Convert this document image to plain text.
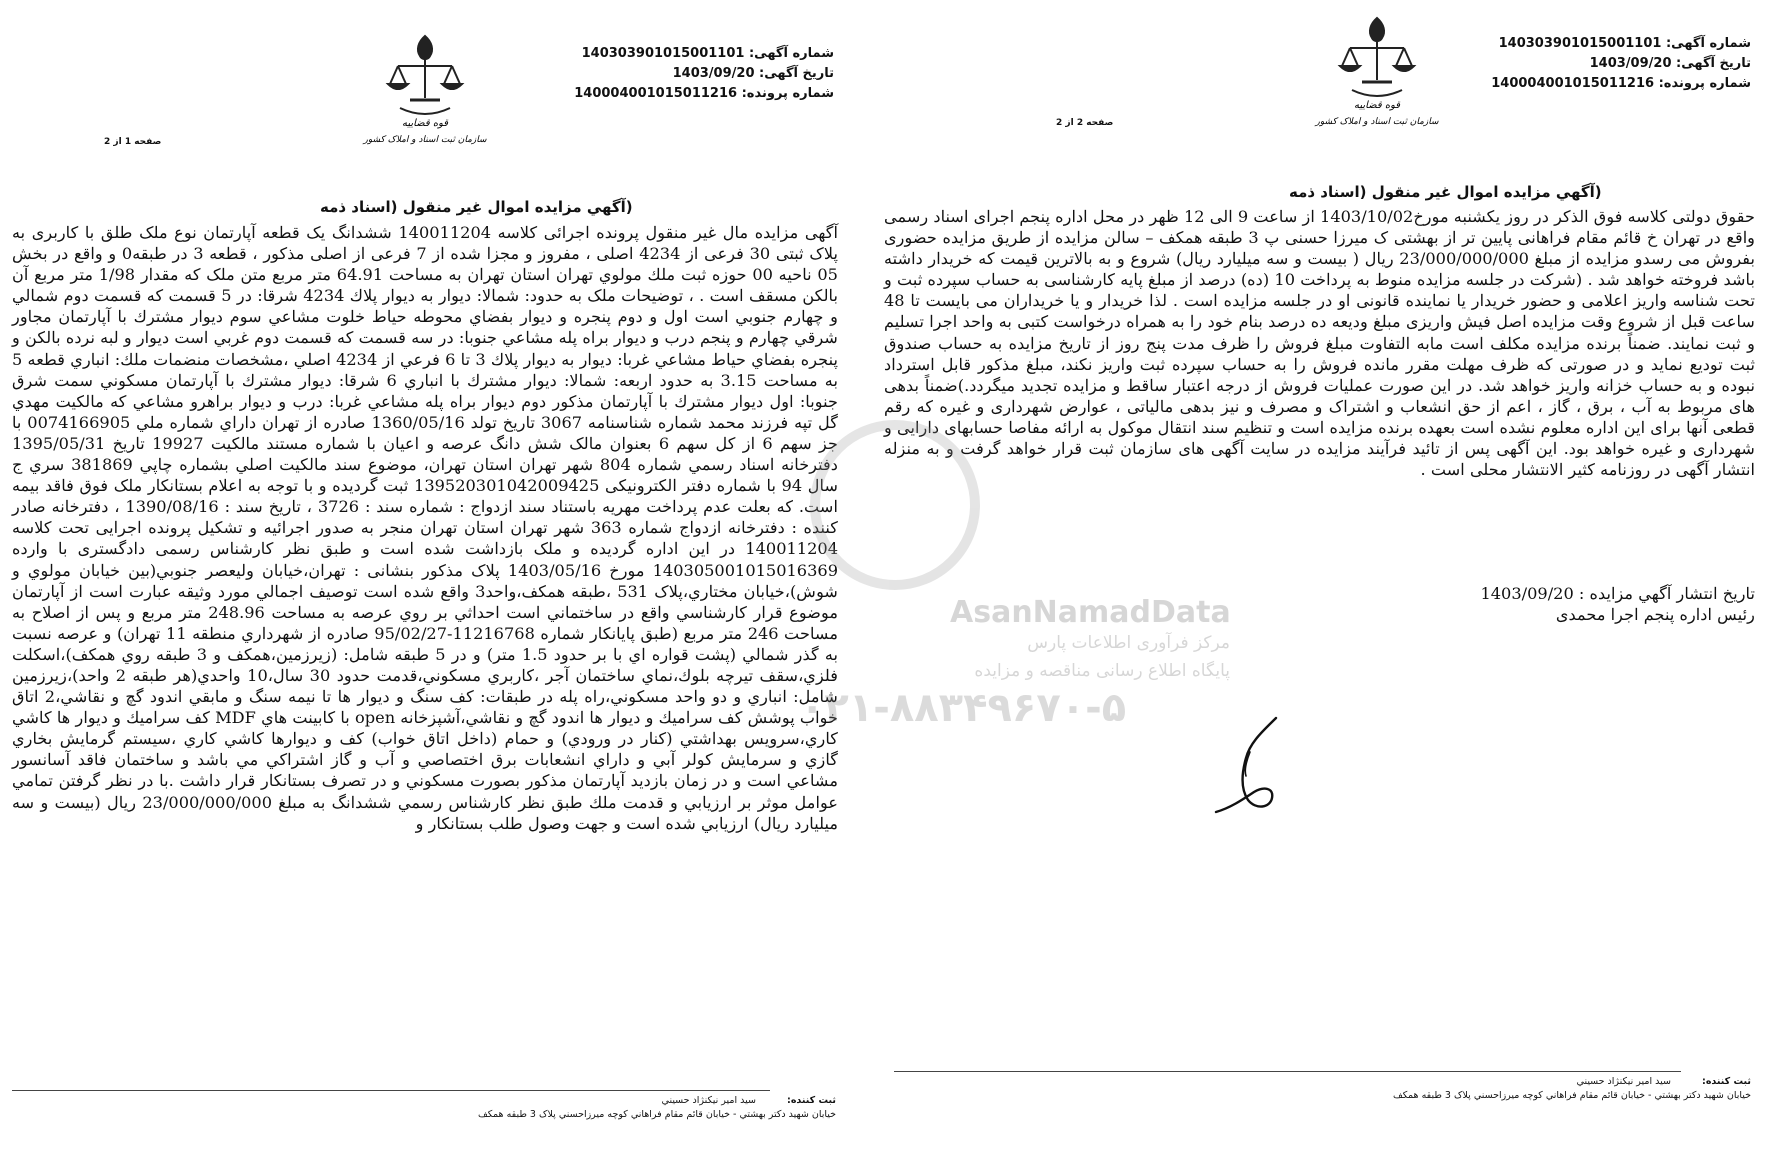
شماره آگهی: 140303901015001101
تاریخ آگهی: 1403/09/20
شماره پرونده: 140004001015011216
قوه قضاییه
سازمان ثبت اسناد و املاک کشور
صفحه 1 از 2
(آگهي مزايده اموال غير منقول (اسناد ذمه

آگهی مزایده مال غیر منقول پرونده اجرائی کلاسه 140011204 ششدانگ یک قطعه آپارتمان نوع ملک طلق با کاربری به پلاک ثبتی 30 فرعی از 4234 اصلی ، مفروز و مجزا شده از 7 فرعی از اصلی مذکور ، قطعه 3 در طبقه0 و واقع در بخش 05 ناحیه 00 حوزه ثبت ملك مولوي تهران استان تهران به مساحت 64.91 متر مربع متن ملک که مقدار 1/98 متر مربع آن بالکن مسقف است . ، توضیحات ملک به حدود: شمالا: ديوار به ديوار پلاك 4234 شرقا: در 5 قسمت كه قسمت دوم شمالي و چهارم جنوبي است اول و دوم پنجره و ديوار بفضاي محوطه حياط خلوت مشاعي سوم ديوار مشترك با آپارتمان مجاور شرقي چهارم و پنجم درب و ديوار براه پله مشاعي جنوبا: در سه قسمت كه قسمت دوم غربي است ديوار و لبه نرده بالكن و پنجره بفضاي حياط مشاعي غربا: ديوار به ديوار پلاك 3 تا 6 فرعي از 4234 اصلي ،مشخصات منضمات ملك: انباري قطعه 5 به مساحت 3.15 به حدود اربعه: شمالا: ديوار مشترك با انباري 6 شرقا: ديوار مشترك با آپارتمان مسكوني سمت شرق جنوبا: اول ديوار مشترك با آپارتمان مذكور دوم ديوار براه پله مشاعي غربا: درب و ديوار براهرو مشاعي كه مالكيت مهدي گل تپه فرزند محمد شماره شناسنامه 3067 تاريخ تولد 1360/05/16 صادره از تهران داراي شماره ملي 0074166905 با جز سهم 6 از کل سهم 6 بعنوان مالک شش دانگ عرصه و اعيان با شماره مستند مالكيت 19927 تاریخ 1395/05/31 دفترخانه اسناد رسمي شماره 804 شهر تهران استان تهران، موضوع سند مالكيت اصلي بشماره چاپي 381869 سري ج سال 94 با شماره دفتر الکترونیکی 139520301042009425 ثبت گرديده و با توجه به اعلام بستانكار ملک فوق فاقد بیمه است. که بعلت عدم پرداخت مهریه باستناد سند ازدواج : شماره سند : 3726 ، تاریخ سند : 1390/08/16 ، دفترخانه صادر کننده : دفترخانه ازدواج شماره 363 شهر تهران استان تهران منجر به صدور اجرائیه و تشکیل پرونده اجرایی تحت کلاسه 140011204 در این اداره گردیده و ملک بازداشت شده است و طبق نظر کارشناس رسمی دادگستری با وارده 140305001015016369 مورخ 1403/05/16 پلاک مذکور بنشانی : تهران،خيابان وليعصر جنوبي(بين خيابان مولوي و شوش)،خيابان مختاري،پلاک 531 ،طبقه همكف،واحد3 واقع شده است توصيف اجمالي مورد وثيقه عبارت است از آپارتمان موضوع قرار كارشناسي واقع در ساختماني است احداثي بر روي عرصه به مساحت 248.96 متر مربع و پس از اصلاح به مساحت 246 متر مربع (طبق پايانكار شماره 11216768-95/02/27 صادره از شهرداري منطقه 11 تهران) و عرصه نسبت به گذر شمالي (پشت قواره اي با بر حدود 1.5 متر) و در 5 طبقه شامل: (زيرزمين،همكف و 3 طبقه روي همكف)،اسكلت فلزي،سقف تيرچه بلوك،نماي ساختمان آجر ،كاربري مسكوني،قدمت حدود 30 سال،10 واحدي(هر طبقه 2 واحد)،زيرزمين شامل: انباري و دو واحد مسكوني،راه پله در طبقات: كف سنگ و ديوار ها تا نيمه سنگ و مابقي اندود گچ و نقاشي،2 اتاق خواب پوشش كف سراميك و ديوار ها اندود گچ و نقاشي،آشپزخانه open با كابينت هاي MDF كف سراميك و ديوار ها كاشي كاري،سرويس بهداشتي (كنار در ورودي) و حمام (داخل اتاق خواب) كف و ديوارها كاشي كاري ،سيستم گرمايش بخاري گازي و سرمايش كولر آبي و داراي انشعابات برق اختصاصي و آب و گاز اشتراكي مي باشد و ساختمان فاقد آسانسور مشاعي است و در زمان بازديد آپارتمان مذكور بصورت مسكوني و در تصرف بستانكار قرار داشت .با در نظر گرفتن تمامي عوامل موثر بر ارزيابي و قدمت ملك طبق نظر كارشناس رسمي ششدانگ به مبلغ 23/000/000/000 ريال (بيست و سه ميليارد ريال) ارزيابي شده است و جهت وصول طلب بستانكار و

ثبت کننده: سيد امير نيكنژاد حسيني
خيابان شهيد دكتر بهشتي - خيابان قائم مقام فراهاني كوچه ميرزاحسني پلاک 3 طبقه همکف
شماره آگهی: 140303901015001101
تاریخ آگهی: 1403/09/20
شماره پرونده: 140004001015011216
قوه قضاییه
سازمان ثبت اسناد و املاک کشور
صفحه 2 از 2
(آگهي مزايده اموال غير منقول (اسناد ذمه

حقوق دولتی کلاسه فوق الذکر در روز یکشنبه مورخ1403/10/02 از ساعت 9 الی 12 ظهر در محل اداره پنجم اجرای اسناد رسمی واقع در تهران خ قائم مقام فراهانی پایین تر از بهشتی ک میرزا حسنی پ 3 طبقه همکف – سالن مزایده از طریق مزایده حضوری بفروش می رسدو مزایده از مبلغ 23/000/000/000 ریال ( بیست و سه میلیارد ریال) شروع و به بالاترین قیمت که خریدار داشته باشد فروخته خواهد شد . (شرکت در جلسه مزایده منوط به پرداخت 10 (ده) درصد از مبلغ پایه کارشناسی به حساب سپرده ثبت و تحت شناسه واریز اعلامی و حضور خریدار یا نماینده قانونی او در جلسه مزایده است . لذا خریدار و یا خریداران می بایست تا 48 ساعت قبل از شروع وقت مزایده اصل فیش واریزی مبلغ ودیعه ده درصد بنام خود را به همراه درخواست کتبی به واحد اجرا تسلیم و ثبت نمایند. ضمناً برنده مزایده مکلف است مابه التفاوت مبلغ فروش را ظرف مدت پنج روز از تاریخ مزایده به حساب صندوق ثبت تودیع نماید و در صورتی که ظرف مهلت مقرر مانده فروش را به حساب سپرده ثبت واریز نکند، مبلغ مذکور قابل استرداد نبوده و به حساب خزانه واریز خواهد شد. در این صورت عملیات فروش از درجه اعتبار ساقط و مزایده تجدید میگردد.)ضمناً بدهی های مربوط به آب ، برق ، گاز ، اعم از حق انشعاب و اشتراک و مصرف و نیز بدهی مالیاتی ، عوارض شهرداری و غیره که رقم قطعی آنها برای این اداره معلوم نشده است بعهده برنده مزایده است و تنظیم سند انتقال موکول به ارائه مفاصا حسابهای دارایی و شهرداری و غیره خواهد بود. این آگهی پس از تائید فرآیند مزایده در سایت آگهی های سازمان ثبت قرار خواهد گرفت و به منزله انتشار آگهی در روزنامه کثیر الانتشار محلی است .

تاريخ انتشار آگهي مزايده : 1403/09/20
رئیس اداره پنجم اجرا محمدی
ثبت کننده: سيد امير نيكنژاد حسيني
خيابان شهيد دكتر بهشتي - خيابان قائم مقام فراهاني كوچه ميرزاحسني پلاک 3 طبقه همکف
AsanNamadData
مرکز فرآوری اطلاعات پارس
پایگاه اطلاع رسانی مناقصه و مزایده
۰۲۱-۸۸۳۴۹۶۷۰-۵
